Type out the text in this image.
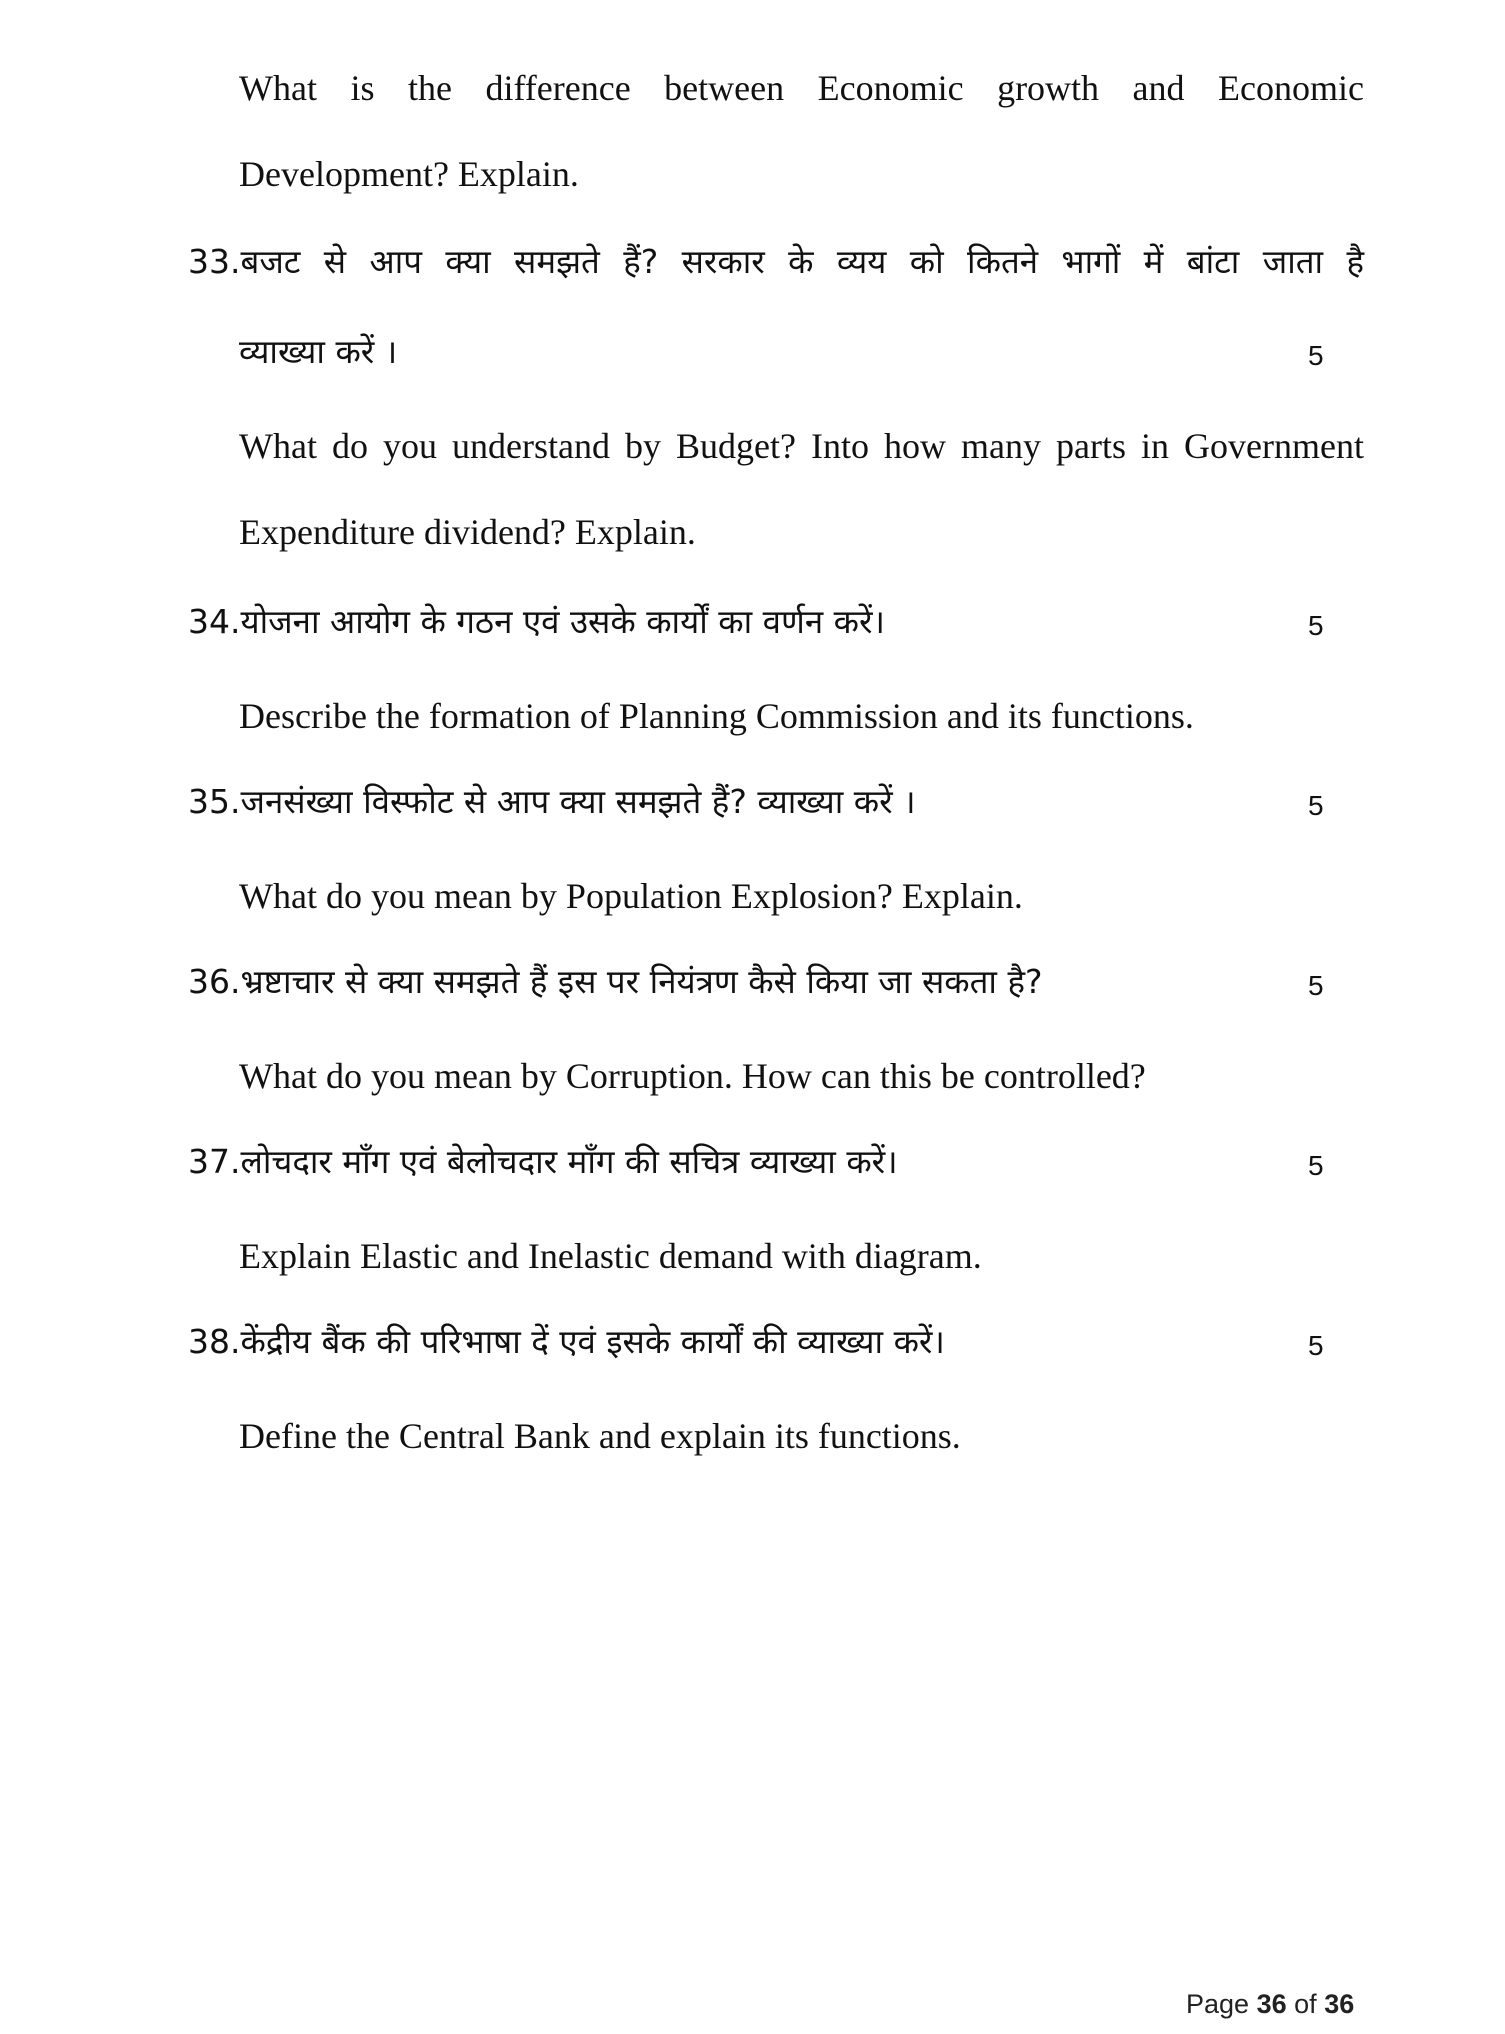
What is the difference between Economic growth and Economic
Development? Explain.
33.बजट से आप क्या समझते हैं? सरकार के व्यय को कितने भागों में बांटा जाता है
व्याख्या करें ।	5
What do you understand by Budget? Into how many parts in Government
Expenditure dividend? Explain.
34.योजना आयोग के गठन एवं उसके कार्यों का वर्णन करें।	5
Describe the formation of Planning Commission and its functions.
35.जनसंख्या विस्फोट से आप क्या समझते हैं? व्याख्या करें ।	5
What do you mean by Population Explosion? Explain.
36.भ्रष्टाचार से क्या समझते हैं इस पर नियंत्रण कैसे किया जा सकता है?	5
What do you mean by Corruption. How can this be controlled?
37.लोचदार माँग एवं बेलोचदार माँग की सचित्र व्याख्या करें।	5
Explain Elastic and Inelastic demand with diagram.
38.केंद्रीय बैंक की परिभाषा दें एवं इसके कार्यों की व्याख्या करें।	5
Define the Central Bank and explain its functions.
Page 36 of 36
